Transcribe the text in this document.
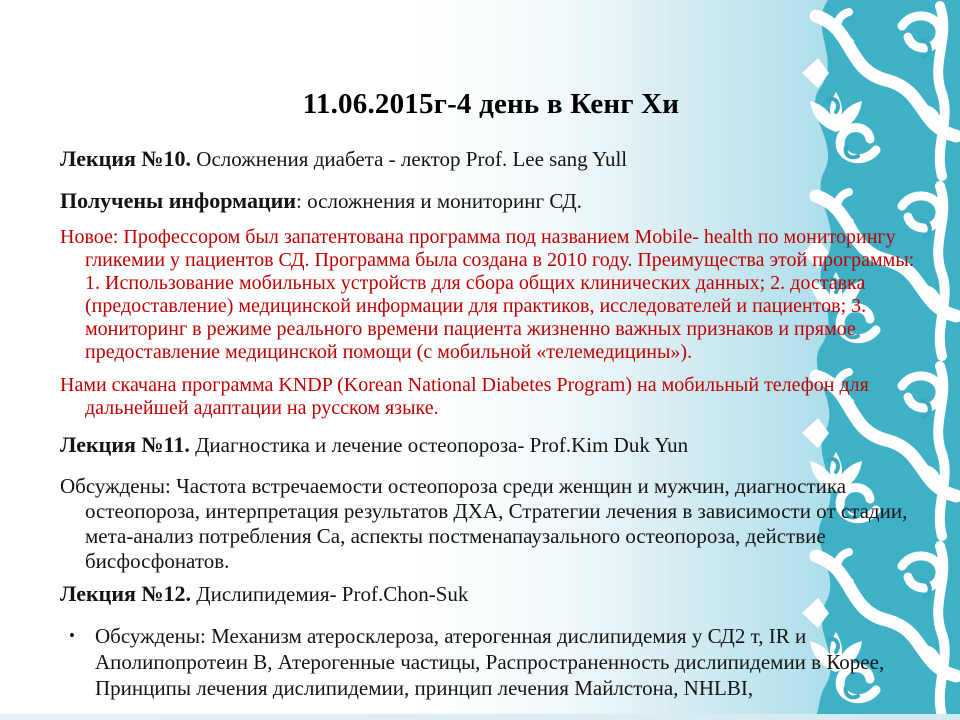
11.06.2015г-4 день в Кенг Хи

Лекция №10. Осложнения диабета - лектор Prof. Lee sang Yull

Получены информации: осложнения и мониторинг СД.

Новое: Профессором был запатентована программа под названием Mobile- health по мониторингу гликемии у пациентов СД. Программа была создана в 2010 году. Преимущества этой программы: 1. Использование мобильных устройств для сбора общих клинических данных; 2. доставка (предоставление) медицинской информации для практиков, исследователей и пациентов; 3. мониторинг в режиме реального времени пациента жизненно важных признаков и прямое предоставление медицинской помощи (с мобильной «телемедицины»).

Нами скачана программа KNDP (Korean National Diabetes Program) на мобильный телефон для дальнейшей адаптации на русском языке.

Лекция №11. Диагностика и лечение остеопороза- Prof.Kim Duk Yun

Обсуждены: Частота встречаемости остеопороза среди женщин и мужчин, диагностика остеопороза, интерпретация результатов ДХА, Стратегии лечения в зависимости от стадии, мета-анализ потребления Са, аспекты постменапаузального остеопороза, действие бисфосфонатов.

Лекция №12. Дислипидемия- Prof.Chon-Suk

• Обсуждены: Механизм атеросклероза, атерогенная дислипидемия у СД2 т, IR и Аполипопротеин В, Атерогенные частицы, Распространенность дислипидемии в Корее, Принципы лечения дислипидемии, принцип лечения Майлстона, NHLBI,
